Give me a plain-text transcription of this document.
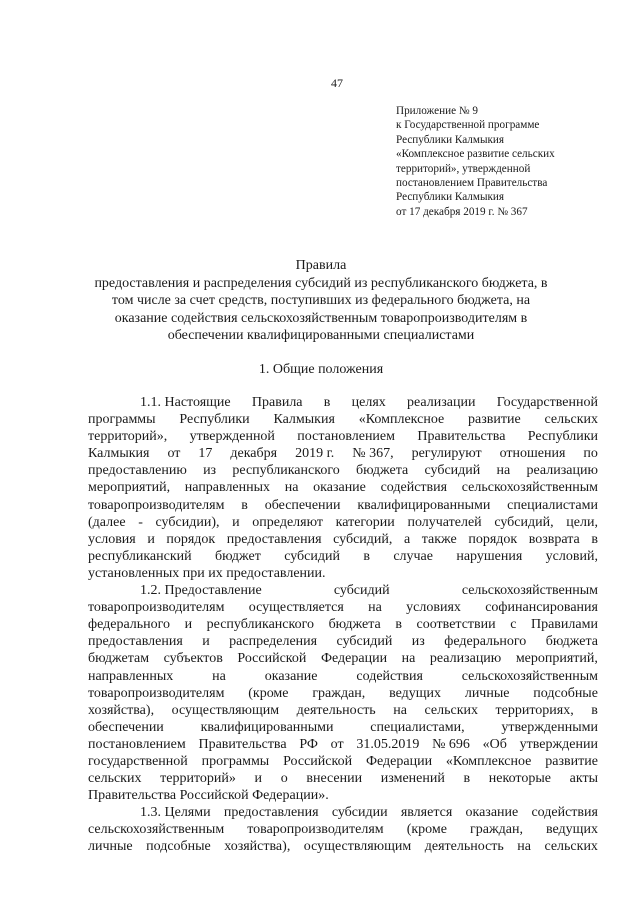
47
Приложение № 9
к Государственной программе
Республики Калмыкия
«Комплексное развитие сельских
территорий», утвержденной
постановлением Правительства
Республики Калмыкия
от 17 декабря 2019 г. № 367
Правила
предоставления и распределения субсидий из республиканского бюджета, в
том числе за счет средств, поступивших из федерального бюджета, на
оказание содействия сельскохозяйственным товаропроизводителям в
обеспечении квалифицированными специалистами
1. Общие положения
1.1. Настоящие Правила в целях реализации Государственной
программы Республики Калмыкия «Комплексное развитие сельских
территорий», утвержденной постановлением Правительства Республики
Калмыкия от 17 декабря 2019 г. № 367, регулируют отношения по
предоставлению из республиканского бюджета субсидий на реализацию
мероприятий, направленных на оказание содействия сельскохозяйственным
товаропроизводителям в обеспечении квалифицированными специалистами
(далее - субсидии), и определяют категории получателей субсидий, цели,
условия и порядок предоставления субсидий, а также порядок возврата в
республиканский бюджет субсидий в случае нарушения условий,
установленных при их предоставлении.
1.2. Предоставление	субсидий	сельскохозяйственным
товаропроизводителям осуществляется на условиях софинансирования
федерального и республиканского бюджета в соответствии с Правилами
предоставления и распределения субсидий из федерального бюджета
бюджетам субъектов Российской Федерации на реализацию мероприятий,
направленных	на	оказание	содействия	сельскохозяйственным
товаропроизводителям (кроме граждан, ведущих личные подсобные
хозяйства), осуществляющим деятельность на сельских территориях, в
обеспечении	квалифицированными	специалистами,	утвержденными
постановлением Правительства РФ от 31.05.2019 № 696 «Об утверждении
государственной программы Российской Федерации «Комплексное развитие
сельских территорий» и о внесении изменений в некоторые акты
Правительства Российской Федерации».
1.3. Целями предоставления субсидии является оказание содействия
сельскохозяйственным товаропроизводителям (кроме граждан, ведущих
личные подсобные хозяйства), осуществляющим деятельность на сельских
